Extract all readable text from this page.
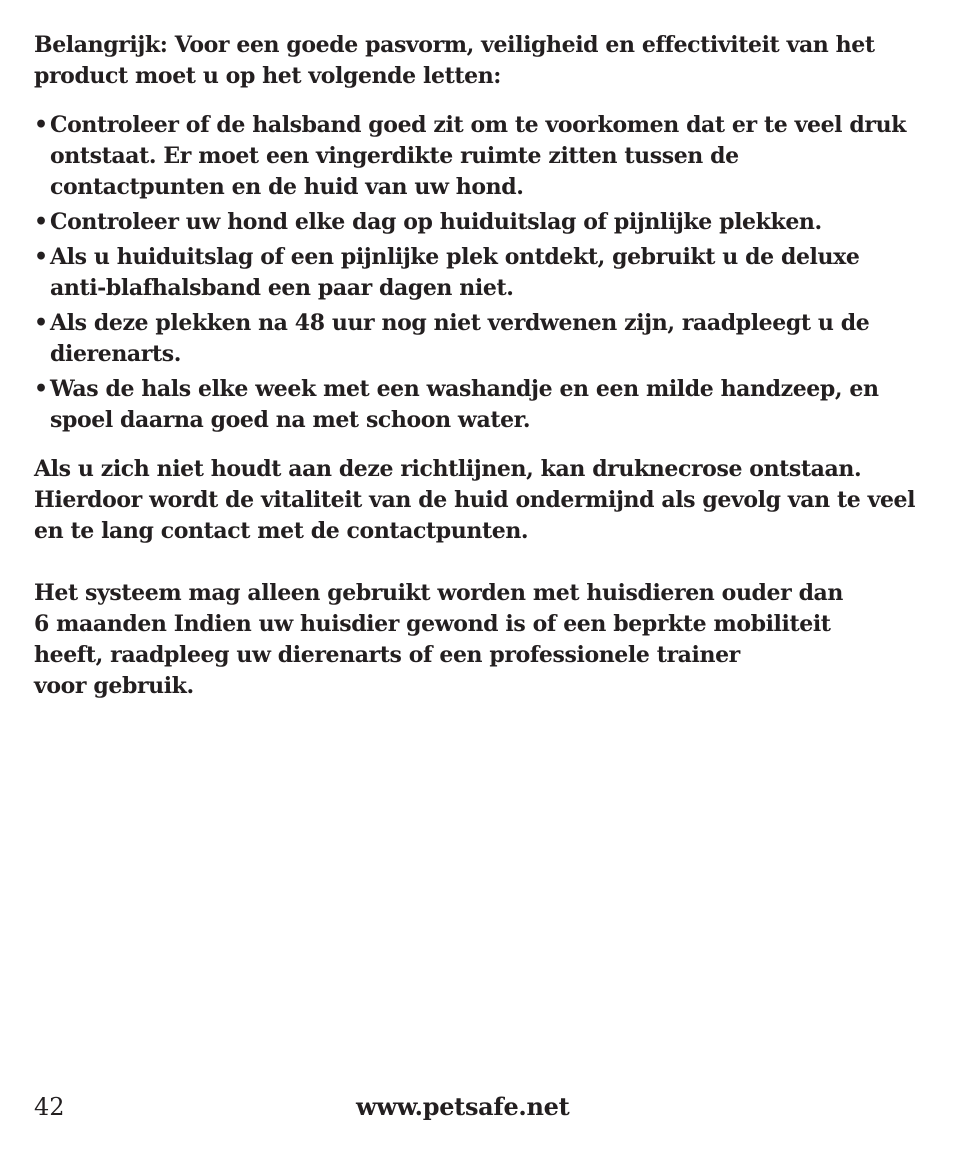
Belangrijk: Voor een goede pasvorm, veiligheid en effectiviteit van het product moet u op het volgende letten:

• Controleer of de halsband goed zit om te voorkomen dat er te veel druk ontstaat. Er moet een vingerdikte ruimte zitten tussen de contactpunten en de huid van uw hond.
• Controleer uw hond elke dag op huiduitslag of pijnlijke plekken.
• Als u huiduitslag of een pijnlijke plek ontdekt, gebruikt u de deluxe anti-blafhalsband een paar dagen niet.
• Als deze plekken na 48 uur nog niet verdwenen zijn, raadpleegt u de dierenarts.
• Was de hals elke week met een washandje en een milde handzeep, en spoel daarna goed na met schoon water.

Als u zich niet houdt aan deze richtlijnen, kan druknecrose ontstaan. Hierdoor wordt de vitaliteit van de huid ondermijnd als gevolg van te veel en te lang contact met de contactpunten.

Het systeem mag alleen gebruikt worden met huisdieren ouder dan

6 maanden Indien uw huisdier gewond is of een beprkte mobiliteit

heeft, raadpleeg uw dierenarts of een professionele trainer

voor gebruik.

42	www.petsafe.net
